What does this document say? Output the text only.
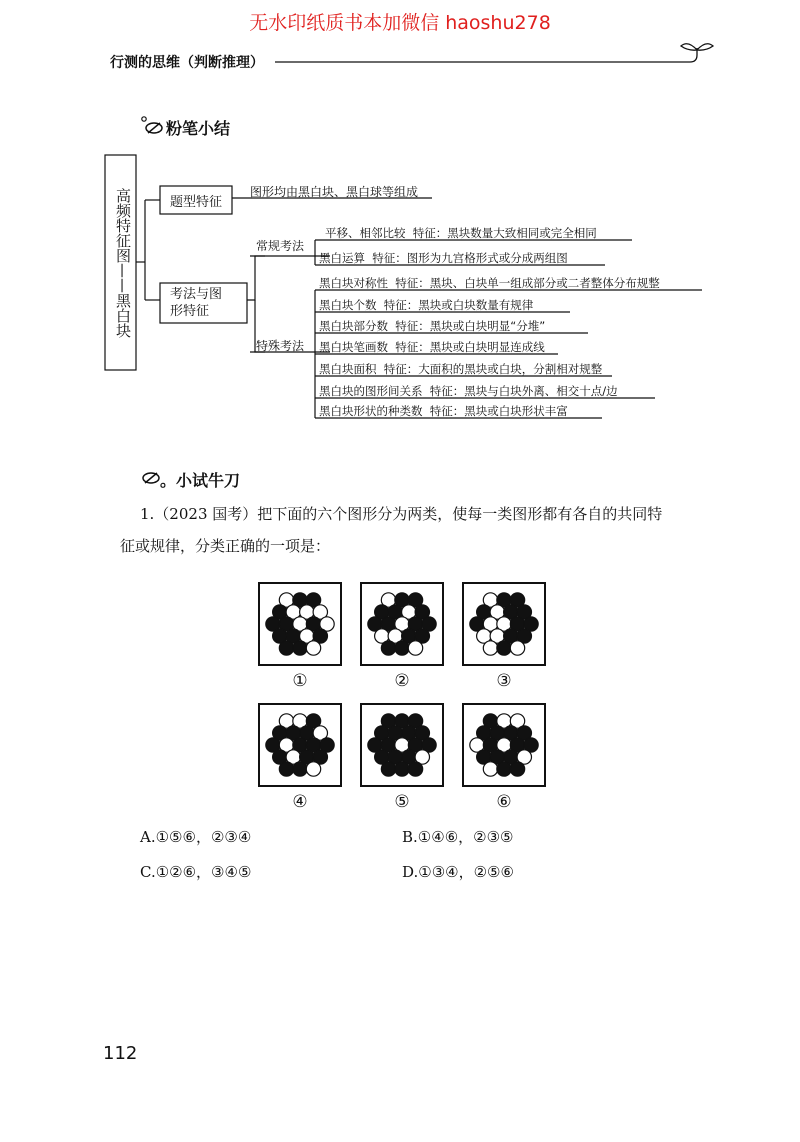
无水印纸质书本加微信 haoshu278
行测的思维（判断推理）
粉笔小结
高频特征图——黑白块	题型特征
图形均由黑白块、黑白球等组成
考法与图
形特征
常规考法
特殊考法
平移、相邻比较  特征：黑块数量大致相同或完全相同
黑白运算  特征：图形为九宫格形式或分成两组图
黑白块对称性  特征：黑块、白块单一组成部分或二者整体分布规整
黑白块个数  特征：黑块或白块数量有规律
黑白块部分数  特征：黑块或白块明显“分堆”
黑白块笔画数  特征：黑块或白块明显连成线
黑白块面积  特征：大面积的黑块或白块，分割相对规整
黑白块的图形间关系  特征：黑块与白块外离、相交十点/边
黑白块形状的种类数  特征：黑块或白块形状丰富
。小试牛刀
1.（2023 国考）把下面的六个图形分为两类，使每一类图形都有各自的共同特
征或规律，分类正确的一项是：
①	②	③
④	⑤	⑥
A.①⑤⑥，②③④	B.①④⑥，②③⑤
C.①②⑥，③④⑤	D.①③④，②⑤⑥
112
